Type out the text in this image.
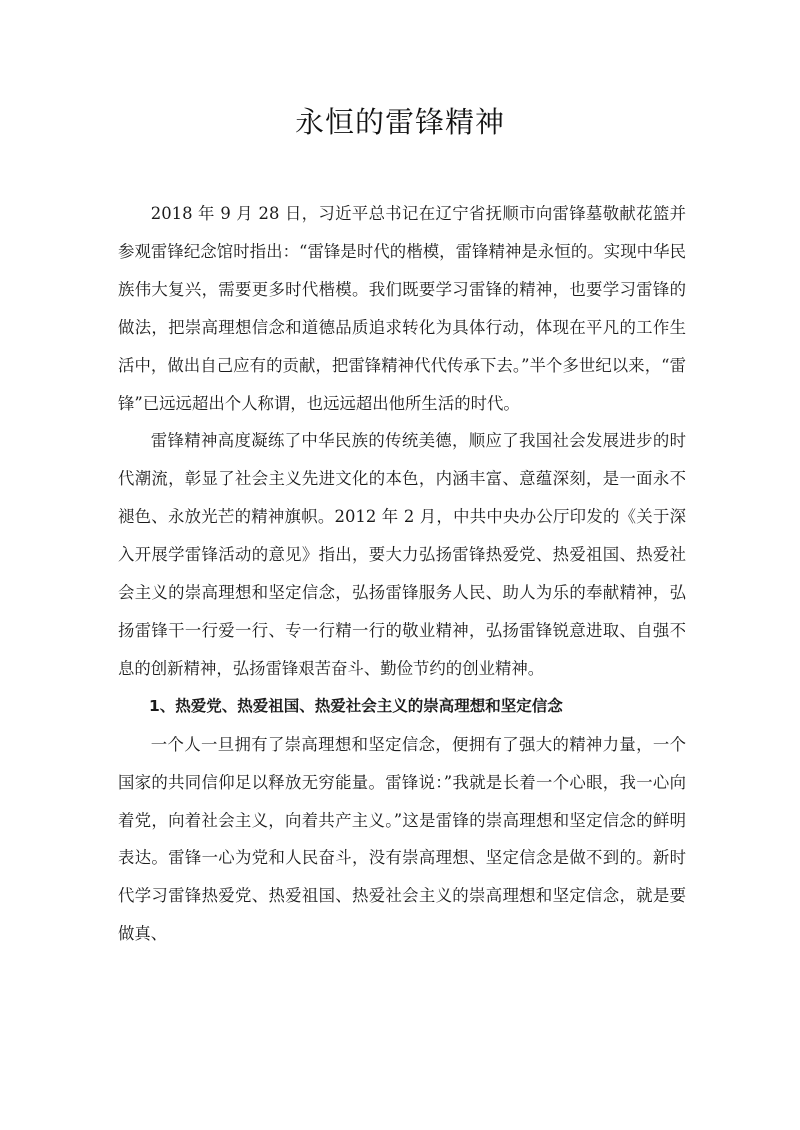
永恒的雷锋精神

2018 年 9 月 28 日，习近平总书记在辽宁省抚顺市向雷锋墓敬献花篮并参观雷锋纪念馆时指出：“雷锋是时代的楷模，雷锋精神是永恒的。实现中华民族伟大复兴，需要更多时代楷模。我们既要学习雷锋的精神，也要学习雷锋的做法，把崇高理想信念和道德品质追求转化为具体行动，体现在平凡的工作生活中，做出自己应有的贡献，把雷锋精神代代传承下去。”半个多世纪以来，“雷锋”已远远超出个人称谓，也远远超出他所生活的时代。

雷锋精神高度凝练了中华民族的传统美德，顺应了我国社会发展进步的时代潮流，彰显了社会主义先进文化的本色，内涵丰富、意蕴深刻，是一面永不褪色、永放光芒的精神旗帜。2012 年 2 月，中共中央办公厅印发的《关于深入开展学雷锋活动的意见》指出，要大力弘扬雷锋热爱党、热爱祖国、热爱社会主义的崇高理想和坚定信念，弘扬雷锋服务人民、助人为乐的奉献精神，弘扬雷锋干一行爱一行、专一行精一行的敬业精神，弘扬雷锋锐意进取、自强不息的创新精神，弘扬雷锋艰苦奋斗、勤俭节约的创业精神。

1、热爱党、热爱祖国、热爱社会主义的崇高理想和坚定信念

一个人一旦拥有了崇高理想和坚定信念，便拥有了强大的精神力量，一个国家的共同信仰足以释放无穷能量。雷锋说：”我就是长着一个心眼，我一心向着党，向着社会主义，向着共产主义。”这是雷锋的崇高理想和坚定信念的鲜明表达。雷锋一心为党和人民奋斗，没有崇高理想、坚定信念是做不到的。新时代学习雷锋热爱党、热爱祖国、热爱社会主义的崇高理想和坚定信念，就是要做真、
